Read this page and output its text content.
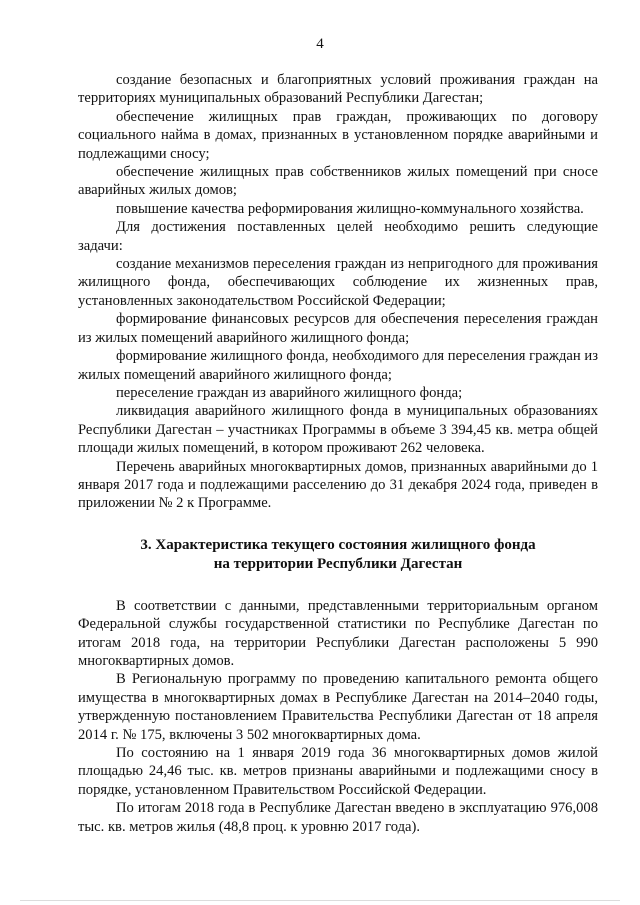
4

создание безопасных и благоприятных условий проживания граждан на территориях муниципальных образований Республики Дагестан;

обеспечение жилищных прав граждан, проживающих по договору социального найма в домах, признанных в установленном порядке аварийными и подлежащими сносу;

обеспечение жилищных прав собственников жилых помещений при сносе аварийных жилых домов;

повышение качества реформирования жилищно-коммунального хозяйства.

Для достижения поставленных целей необходимо решить следующие задачи:

создание механизмов переселения граждан из непригодного для проживания жилищного фонда, обеспечивающих соблюдение их жизненных прав, установленных законодательством Российской Федерации;

формирование финансовых ресурсов для обеспечения переселения граждан из жилых помещений аварийного жилищного фонда;

формирование жилищного фонда, необходимого для переселения граждан из жилых помещений аварийного жилищного фонда;

переселение граждан из аварийного жилищного фонда;

ликвидация аварийного жилищного фонда в муниципальных образованиях Республики Дагестан – участниках Программы в объеме 3 394,45 кв. метра общей площади жилых помещений, в котором проживают 262 человека.

Перечень аварийных многоквартирных домов, признанных аварийными до 1 января 2017 года и подлежащими расселению до 31 декабря 2024 года, приведен в приложении № 2 к Программе.

3. Характеристика текущего состояния жилищного фонда
на территории Республики Дагестан

В соответствии с данными, представленными территориальным органом Федеральной службы государственной статистики по Республике Дагестан по итогам 2018 года, на территории Республики Дагестан расположены 5 990 многоквартирных домов.

В Региональную программу по проведению капитального ремонта общего имущества в многоквартирных домах в Республике Дагестан на 2014–2040 годы, утвержденную постановлением Правительства Республики Дагестан от 18 апреля 2014 г. № 175, включены 3 502 многоквартирных дома.

По состоянию на 1 января 2019 года 36 многоквартирных домов жилой площадью 24,46 тыс. кв. метров признаны аварийными и подлежащими сносу в порядке, установленном Правительством Российской Федерации.

По итогам 2018 года в Республике Дагестан введено в эксплуатацию 976,008 тыс. кв. метров жилья (48,8 проц. к уровню 2017 года).
